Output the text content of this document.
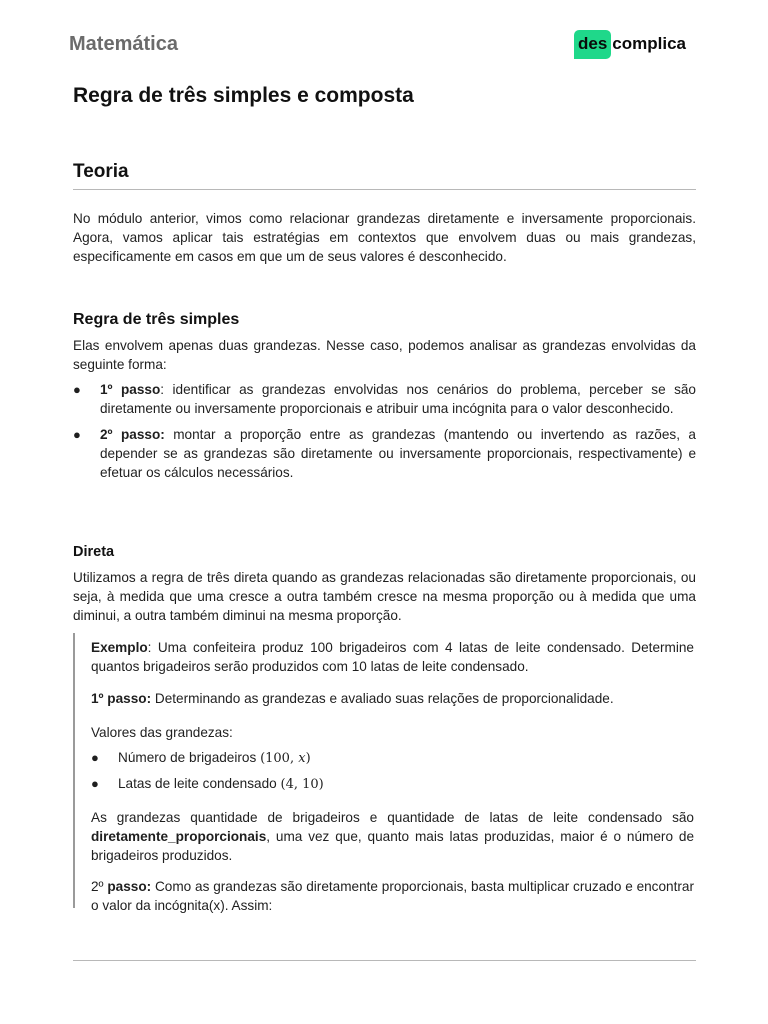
Matemática	des complica
Regra de três simples e composta
Teoria
No módulo anterior, vimos como relacionar grandezas diretamente e inversamente proporcionais. Agora, vamos aplicar tais estratégias em contextos que envolvem duas ou mais grandezas, especificamente em casos em que um de seus valores é desconhecido.
Regra de três simples
Elas envolvem apenas duas grandezas. Nesse caso, podemos analisar as grandezas envolvidas da seguinte forma:
● 1º passo: identificar as grandezas envolvidas nos cenários do problema, perceber se são diretamente ou inversamente proporcionais e atribuir uma incógnita para o valor desconhecido.
● 2º passo: montar a proporção entre as grandezas (mantendo ou invertendo as razões, a depender se as grandezas são diretamente ou inversamente proporcionais, respectivamente) e efetuar os cálculos necessários.
Direta
Utilizamos a regra de três direta quando as grandezas relacionadas são diretamente proporcionais, ou seja, à medida que uma cresce a outra também cresce na mesma proporção ou à medida que uma diminui, a outra também diminui na mesma proporção.
Exemplo: Uma confeiteira produz 100 brigadeiros com 4 latas de leite condensado. Determine quantos brigadeiros serão produzidos com 10 latas de leite condensado.
1º passo: Determinando as grandezas e avaliado suas relações de proporcionalidade.
Valores das grandezas:
● Número de brigadeiros (100, x)
● Latas de leite condensado (4, 10)
As grandezas quantidade de brigadeiros e quantidade de latas de leite condensado são diretamente_proporcionais, uma vez que, quanto mais latas produzidas, maior é o número de brigadeiros produzidos.
2º passo: Como as grandezas são diretamente proporcionais, basta multiplicar cruzado e encontrar o valor da incógnita(x). Assim:
